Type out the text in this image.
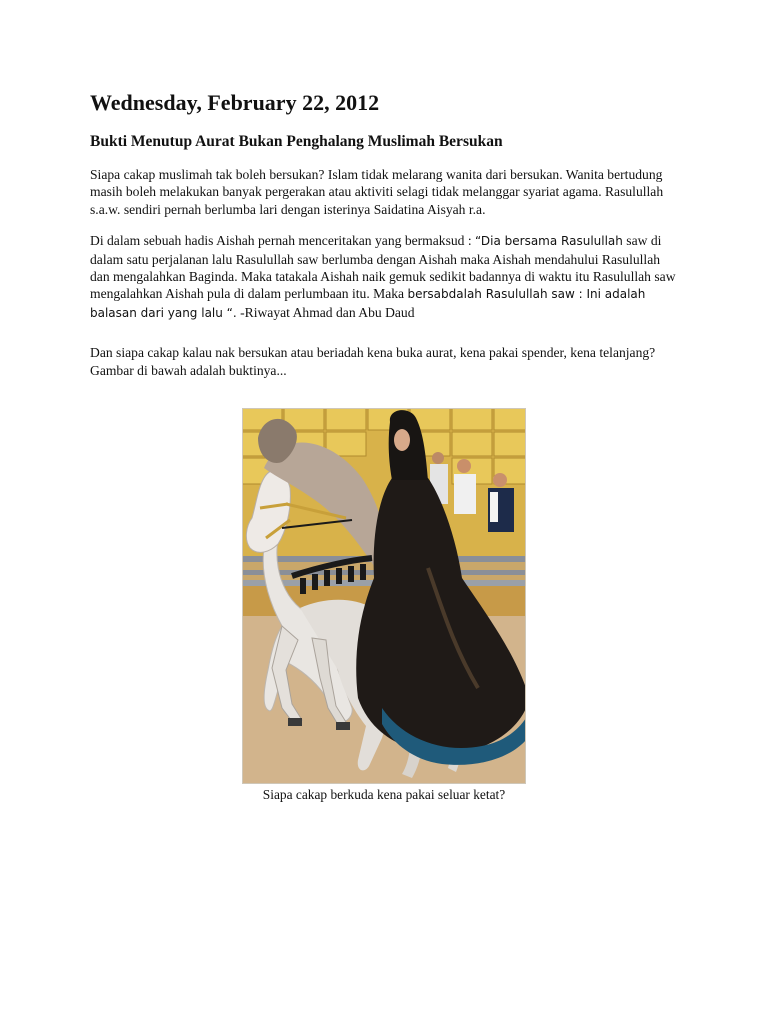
Wednesday, February 22, 2012
Bukti Menutup Aurat Bukan Penghalang Muslimah Bersukan

Siapa cakap muslimah tak boleh bersukan? Islam tidak melarang wanita dari bersukan. Wanita bertudung masih boleh melakukan banyak pergerakan atau aktiviti selagi tidak melanggar syariat agama. Rasulullah s.a.w. sendiri pernah berlumba lari dengan isterinya Saidatina Aisyah r.a.

Di dalam sebuah hadis Aishah pernah menceritakan yang bermaksud : “Dia bersama Rasulullah saw di dalam satu perjalanan lalu Rasulullah saw berlumba dengan Aishah maka Aishah mendahului Rasulullah dan mengalahkan Baginda. Maka tatakala Aishah naik gemuk sedikit badannya di waktu itu Rasulullah saw mengalahkan Aishah pula di dalam perlumbaan itu. Maka bersabdalah Rasulullah saw : Ini adalah balasan dari yang lalu “. -Riwayat Ahmad dan Abu Daud

Dan siapa cakap kalau nak bersukan atau beriadah kena buka aurat, kena pakai spender, kena telanjang? Gambar di bawah adalah buktinya...

Siapa cakap berkuda kena pakai seluar ketat?
